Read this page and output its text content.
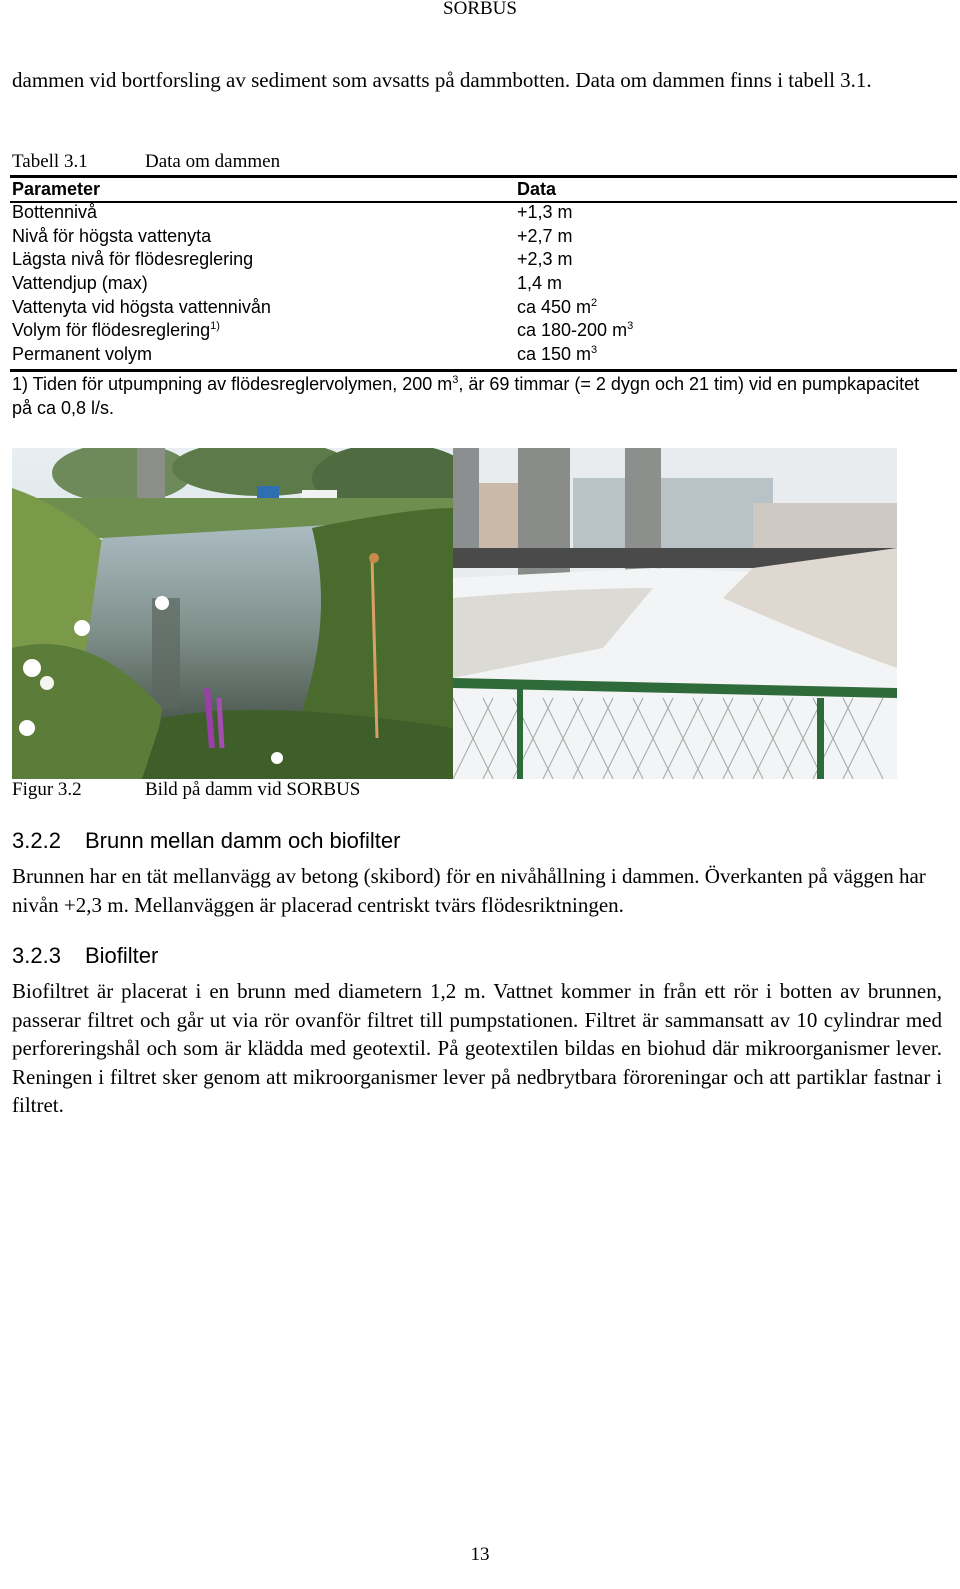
SORBUS
dammen vid bortforsling av sediment som avsatts på dammbotten. Data om dammen finns i tabell 3.1.
Tabell 3.1	Data om dammen
Parameter	Data
Bottennivå	+1,3 m
Nivå för högsta vattenyta	+2,7 m
Lägsta nivå för flödesreglering	+2,3 m
Vattendjup (max)	1,4 m
Vattenyta vid högsta vattennivån	ca 450 $m^2$
Volym för flödesreglering$^{1)}$	ca 180-200 $m^3$
Permanent volym	ca 150 $m^3$
1) Tiden för utpumpning av flödesreglervolymen, 200 $m^3$, är 69 timmar (= 2 dygn och 21 tim) vid en pumpkapacitet på ca 0,8 l/s.
Figur 3.2	Bild på damm vid SORBUS
3.2.2 Brunn mellan damm och biofilter
Brunnen har en tät mellanvägg av betong (skibord) för en nivåhållning i dammen. Överkanten på väggen har nivån +2,3 m. Mellanväggen är placerad centriskt tvärs flödesriktningen.
3.2.3 Biofilter
Biofiltret är placerat i en brunn med diametern 1,2 m. Vattnet kommer in från ett rör i botten av brunnen, passerar filtret och går ut via rör ovanför filtret till pumpstationen. Filtret är sammansatt av 10 cylindrar med perforeringshål och som är klädda med geotextil. På geotextilen bildas en biohud där mikroorganismer lever. Reningen i filtret sker genom att mikroorganismer lever på nedbrytbara föroreningar och att partiklar fastnar i filtret.
13
